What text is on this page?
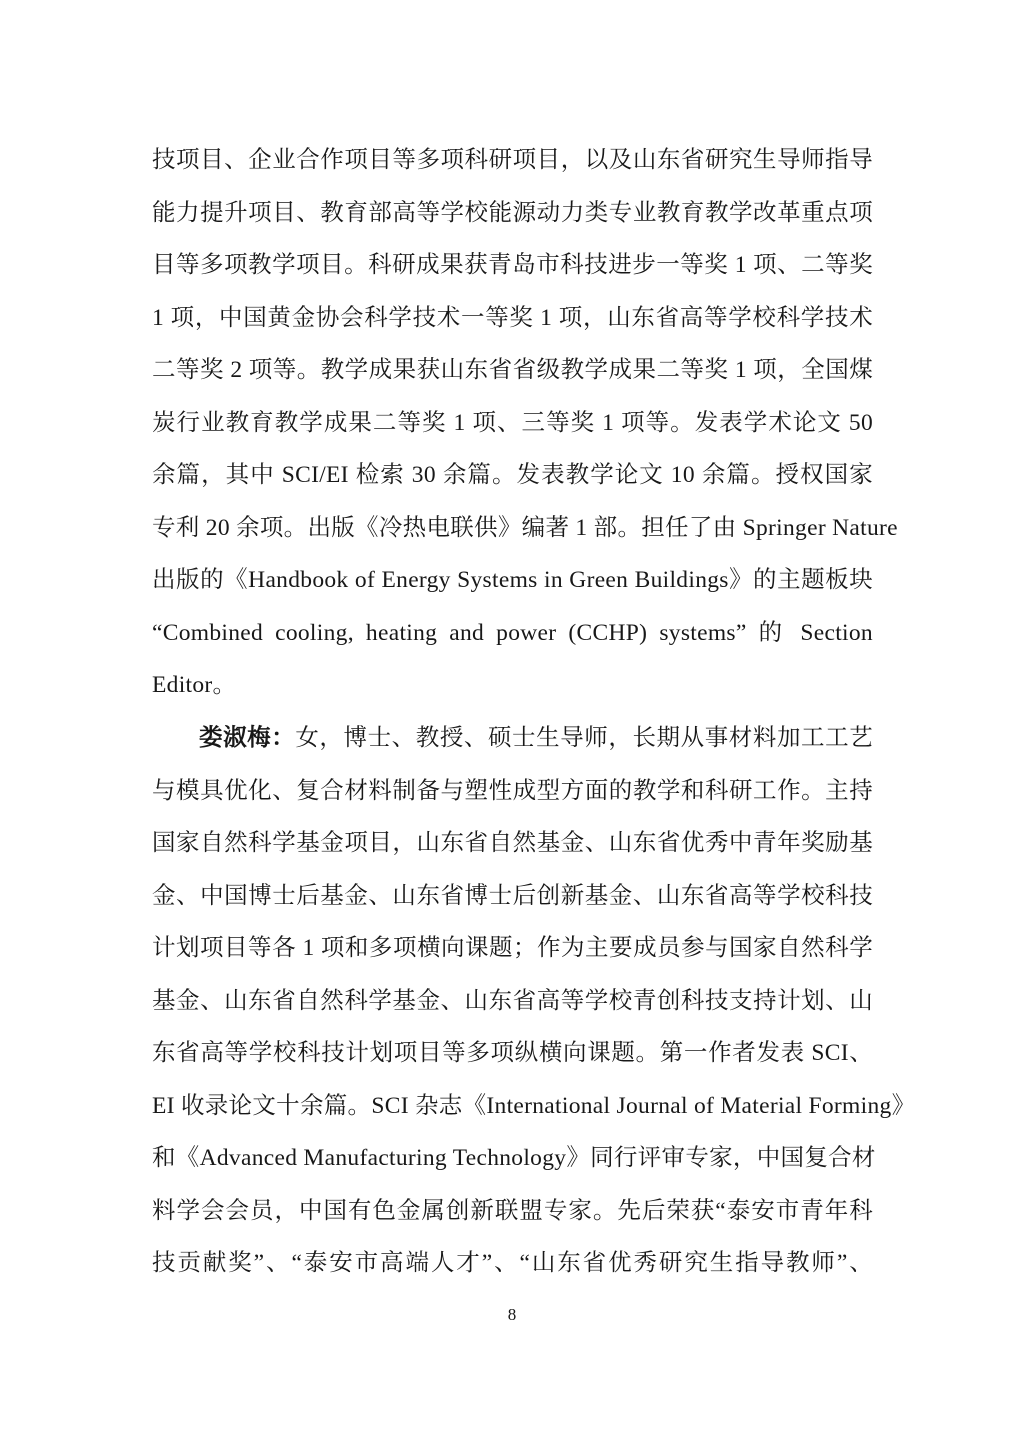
技项目、企业合作项目等多项科研项目，以及山东省研究生导师指导
能力提升项目、教育部高等学校能源动力类专业教育教学改革重点项
目等多项教学项目。科研成果获青岛市科技进步一等奖 1 项、二等奖
1 项，中国黄金协会科学技术一等奖 1 项，山东省高等学校科学技术
二等奖 2 项等。教学成果获山东省省级教学成果二等奖 1 项，全国煤
炭行业教育教学成果二等奖 1 项、三等奖 1 项等。发表学术论文 50
余篇，其中 SCI/EI 检索 30 余篇。发表教学论文 10 余篇。授权国家
专利 20 余项。出版《冷热电联供》编著 1 部。担任了由 Springer Nature
出版的《Handbook of Energy Systems in Green Buildings》的主题板块
“Combined cooling, heating and power (CCHP) systems” 的 Section
Editor。
娄淑梅：女，博士、教授、硕士生导师，长期从事材料加工工艺
与模具优化、复合材料制备与塑性成型方面的教学和科研工作。主持
国家自然科学基金项目，山东省自然基金、山东省优秀中青年奖励基
金、中国博士后基金、山东省博士后创新基金、山东省高等学校科技
计划项目等各 1 项和多项横向课题；作为主要成员参与国家自然科学
基金、山东省自然科学基金、山东省高等学校青创科技支持计划、山
东省高等学校科技计划项目等多项纵横向课题。第一作者发表 SCI、
EI 收录论文十余篇。SCI 杂志《International Journal of Material Forming》
和《Advanced Manufacturing Technology》同行评审专家，中国复合材
料学会会员，中国有色金属创新联盟专家。先后荣获“泰安市青年科
技贡献奖”、“泰安市高端人才”、“山东省优秀研究生指导教师”、
8
